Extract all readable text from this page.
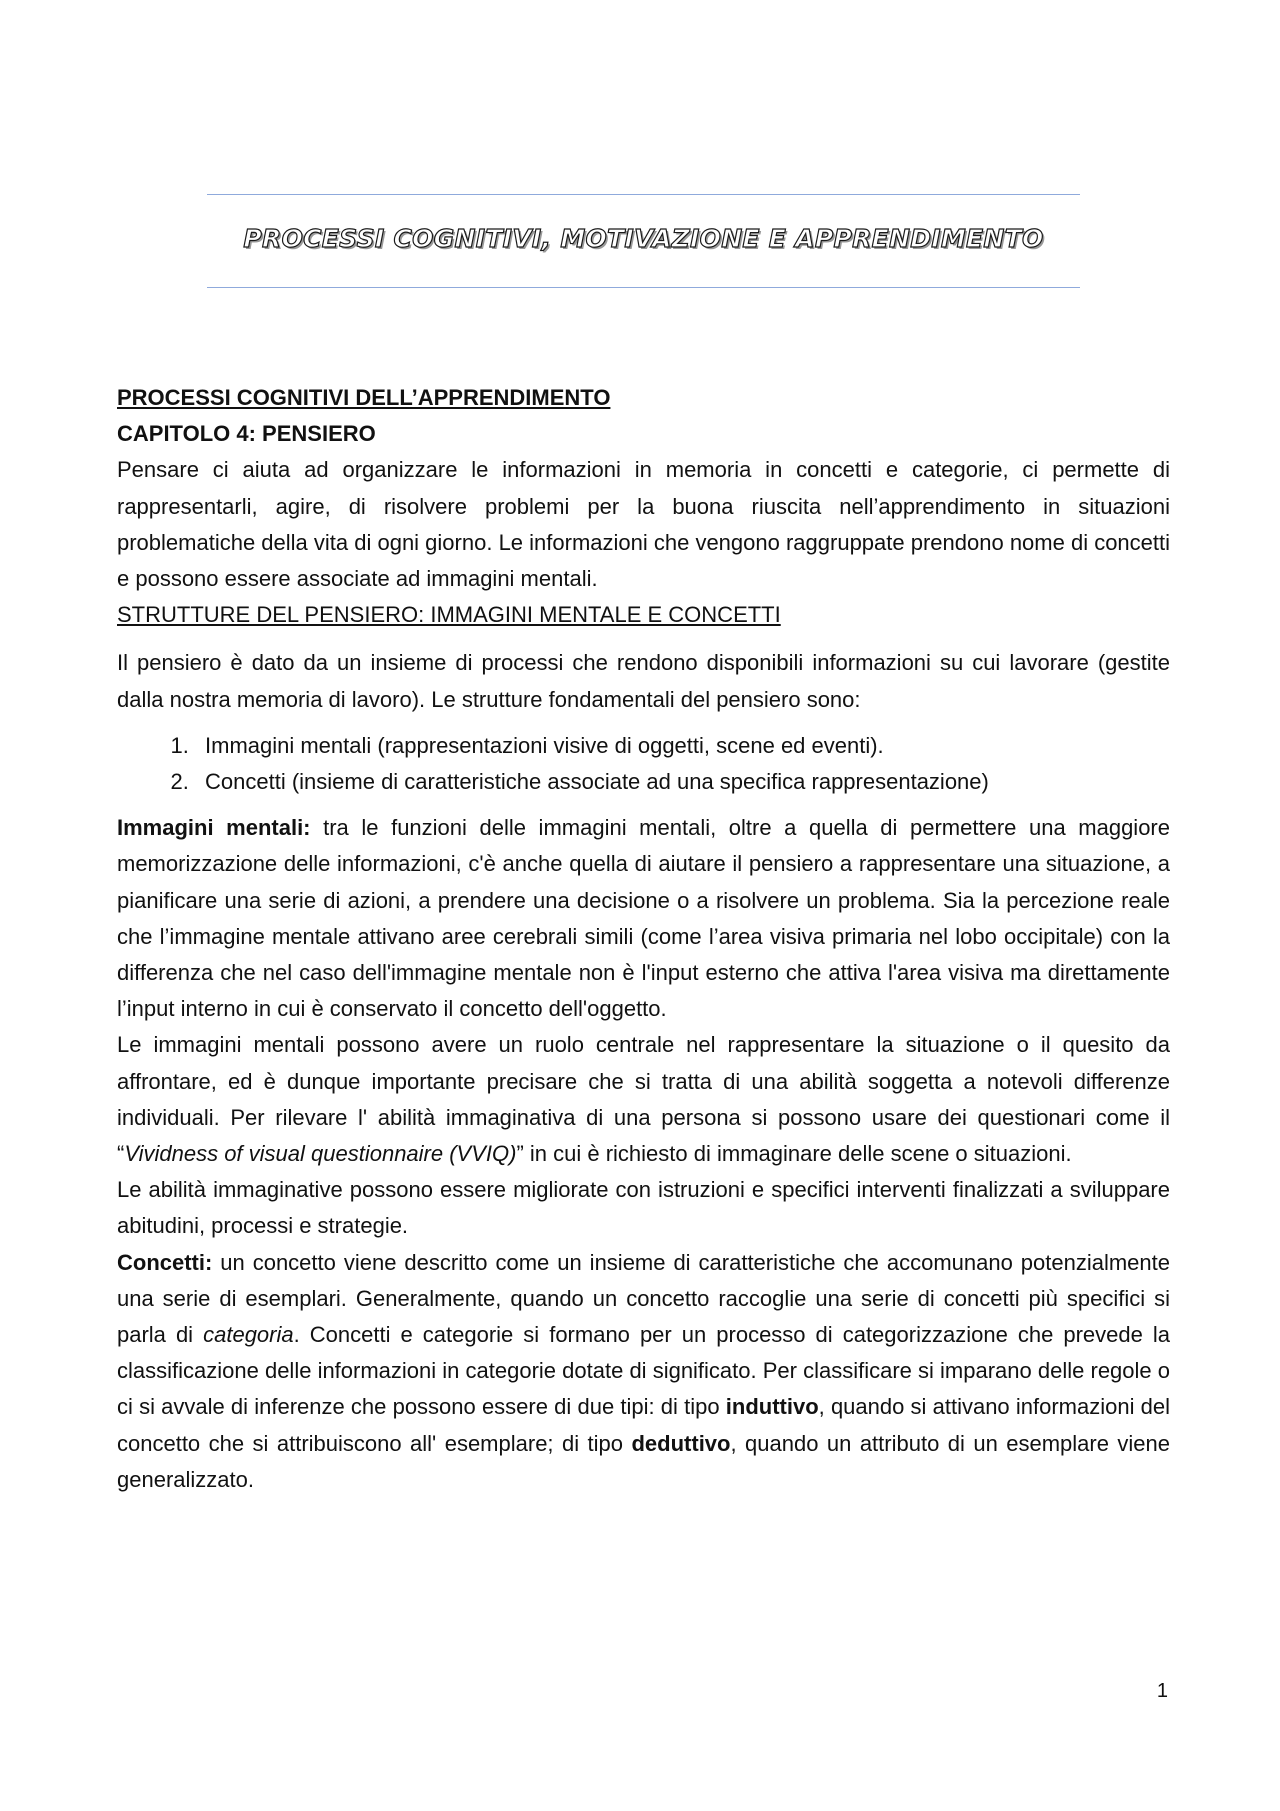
PROCESSI COGNITIVI, MOTIVAZIONE E APPRENDIMENTO

PROCESSI COGNITIVI DELL’APPRENDIMENTO

CAPITOLO 4: PENSIERO

Pensare ci aiuta ad organizzare le informazioni in memoria in concetti e categorie, ci permette di rappresentarli, agire, di risolvere problemi per la buona riuscita nell’apprendimento in situazioni problematiche della vita di ogni giorno. Le informazioni che vengono raggruppate prendono nome di concetti e possono essere associate ad immagini mentali.

STRUTTURE DEL PENSIERO: IMMAGINI MENTALE E CONCETTI

Il pensiero è dato da un insieme di processi che rendono disponibili informazioni su cui lavorare (gestite dalla nostra memoria di lavoro). Le strutture fondamentali del pensiero sono:

1. Immagini mentali (rappresentazioni visive di oggetti, scene ed eventi).
2. Concetti (insieme di caratteristiche associate ad una specifica rappresentazione)

Immagini mentali: tra le funzioni delle immagini mentali, oltre a quella di permettere una maggiore memorizzazione delle informazioni, c'è anche quella di aiutare il pensiero a rappresentare una situazione, a pianificare una serie di azioni, a prendere una decisione o a risolvere un problema. Sia la percezione reale che l’immagine mentale attivano aree cerebrali simili (come l’area visiva primaria nel lobo occipitale) con la differenza che nel caso dell'immagine mentale non è l'input esterno che attiva l'area visiva ma direttamente l’input interno in cui è conservato il concetto dell'oggetto.

Le immagini mentali possono avere un ruolo centrale nel rappresentare la situazione o il quesito da affrontare, ed è dunque importante precisare che si tratta di una abilità soggetta a notevoli differenze individuali. Per rilevare l' abilità immaginativa di una persona si possono usare dei questionari come il “Vividness of visual questionnaire (VVIQ)” in cui è richiesto di immaginare delle scene o situazioni.

Le abilità immaginative possono essere migliorate con istruzioni e specifici interventi finalizzati a sviluppare abitudini, processi e strategie.

Concetti: un concetto viene descritto come un insieme di caratteristiche che accomunano potenzialmente una serie di esemplari. Generalmente, quando un concetto raccoglie una serie di concetti più specifici si parla di categoria. Concetti e categorie si formano per un processo di categorizzazione che prevede la classificazione delle informazioni in categorie dotate di significato. Per classificare si imparano delle regole o ci si avvale di inferenze che possono essere di due tipi: di tipo induttivo, quando si attivano informazioni del concetto che si attribuiscono all' esemplare; di tipo deduttivo, quando un attributo di un esemplare viene generalizzato.

1
